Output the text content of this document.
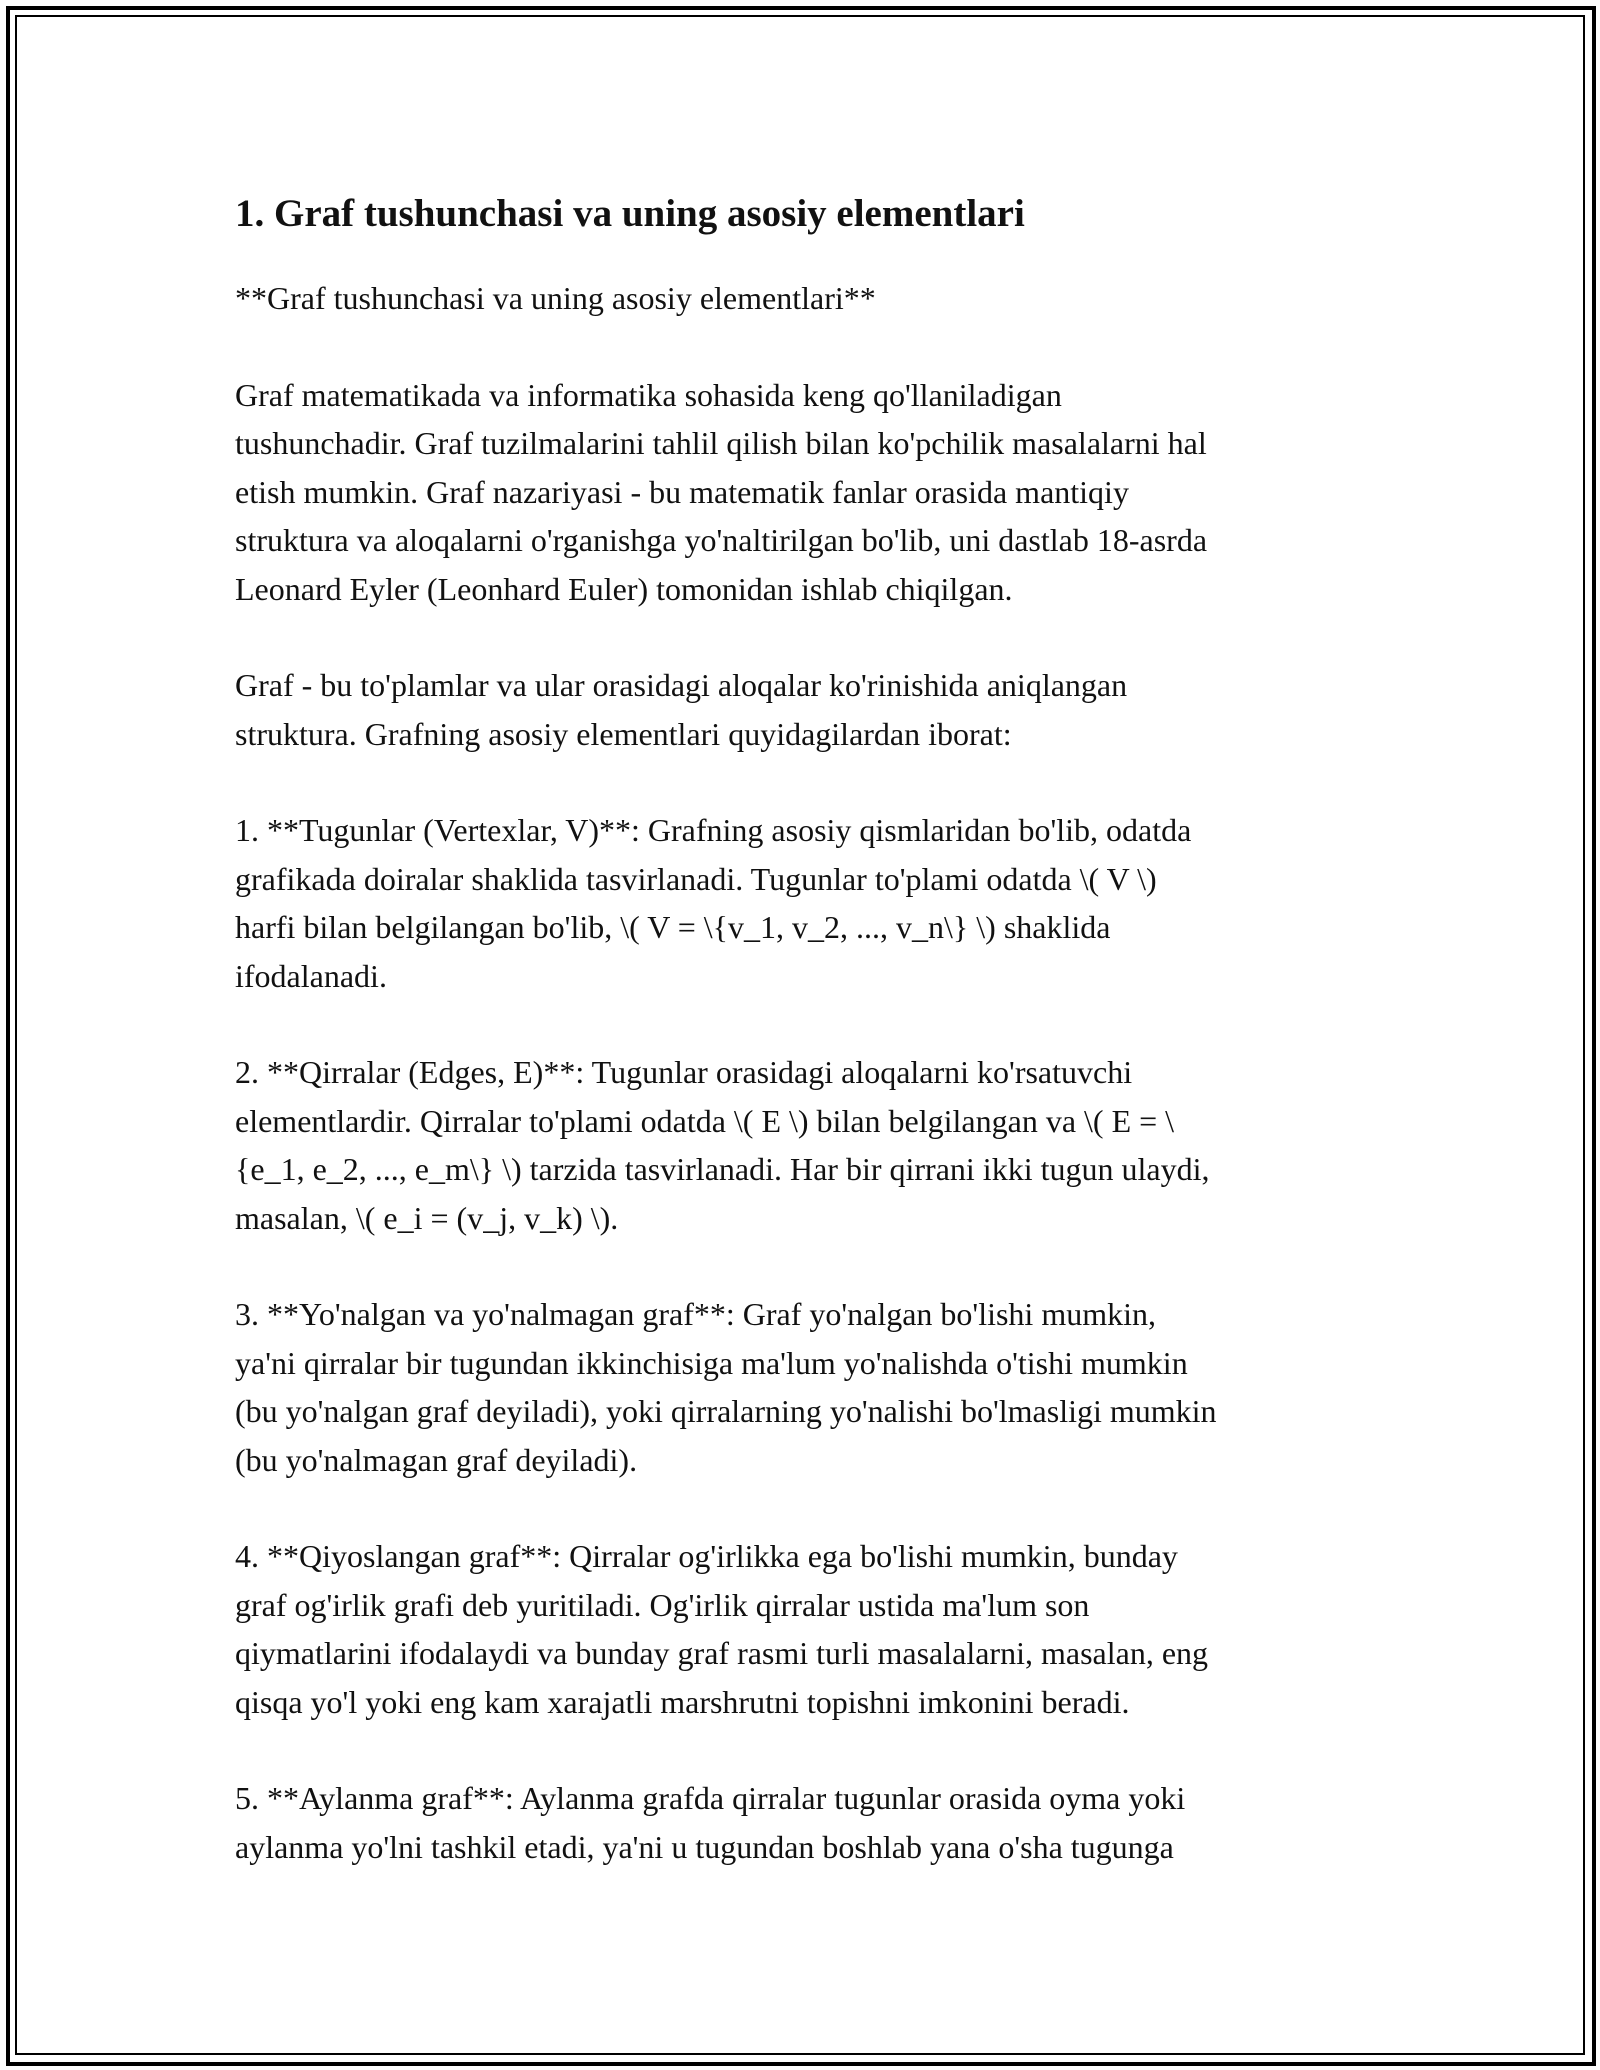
1. Graf tushunchasi va uning asosiy elementlari

**Graf tushunchasi va uning asosiy elementlari**

Graf matematikada va informatika sohasida keng qo'llaniladigan
tushunchadir. Graf tuzilmalarini tahlil qilish bilan ko'pchilik masalalarni hal
etish mumkin. Graf nazariyasi - bu matematik fanlar orasida mantiqiy
struktura va aloqalarni o'rganishga yo'naltirilgan bo'lib, uni dastlab 18-asrda
Leonard Eyler (Leonhard Euler) tomonidan ishlab chiqilgan.

Graf - bu to'plamlar va ular orasidagi aloqalar ko'rinishida aniqlangan
struktura. Grafning asosiy elementlari quyidagilardan iborat:

1. **Tugunlar (Vertexlar, V)**: Grafning asosiy qismlaridan bo'lib, odatda
grafikada doiralar shaklida tasvirlanadi. Tugunlar to'plami odatda \( V \)
harfi bilan belgilangan bo'lib, \( V = \{v_1, v_2, ..., v_n\} \) shaklida
ifodalanadi.

2. **Qirralar (Edges, E)**: Tugunlar orasidagi aloqalarni ko'rsatuvchi
elementlardir. Qirralar to'plami odatda \( E \) bilan belgilangan va \( E = \
{e_1, e_2, ..., e_m\} \) tarzida tasvirlanadi. Har bir qirrani ikki tugun ulaydi,
masalan, \( e_i = (v_j, v_k) \).

3. **Yo'nalgan va yo'nalmagan graf**: Graf yo'nalgan bo'lishi mumkin,
ya'ni qirralar bir tugundan ikkinchisiga ma'lum yo'nalishda o'tishi mumkin
(bu yo'nalgan graf deyiladi), yoki qirralarning yo'nalishi bo'lmasligi mumkin
(bu yo'nalmagan graf deyiladi).

4. **Qiyoslangan graf**: Qirralar og'irlikka ega bo'lishi mumkin, bunday
graf og'irlik grafi deb yuritiladi. Og'irlik qirralar ustida ma'lum son
qiymatlarini ifodalaydi va bunday graf rasmi turli masalalarni, masalan, eng
qisqa yo'l yoki eng kam xarajatli marshrutni topishni imkonini beradi.

5. **Aylanma graf**: Aylanma grafda qirralar tugunlar orasida oyma yoki
aylanma yo'lni tashkil etadi, ya'ni u tugundan boshlab yana o'sha tugunga
